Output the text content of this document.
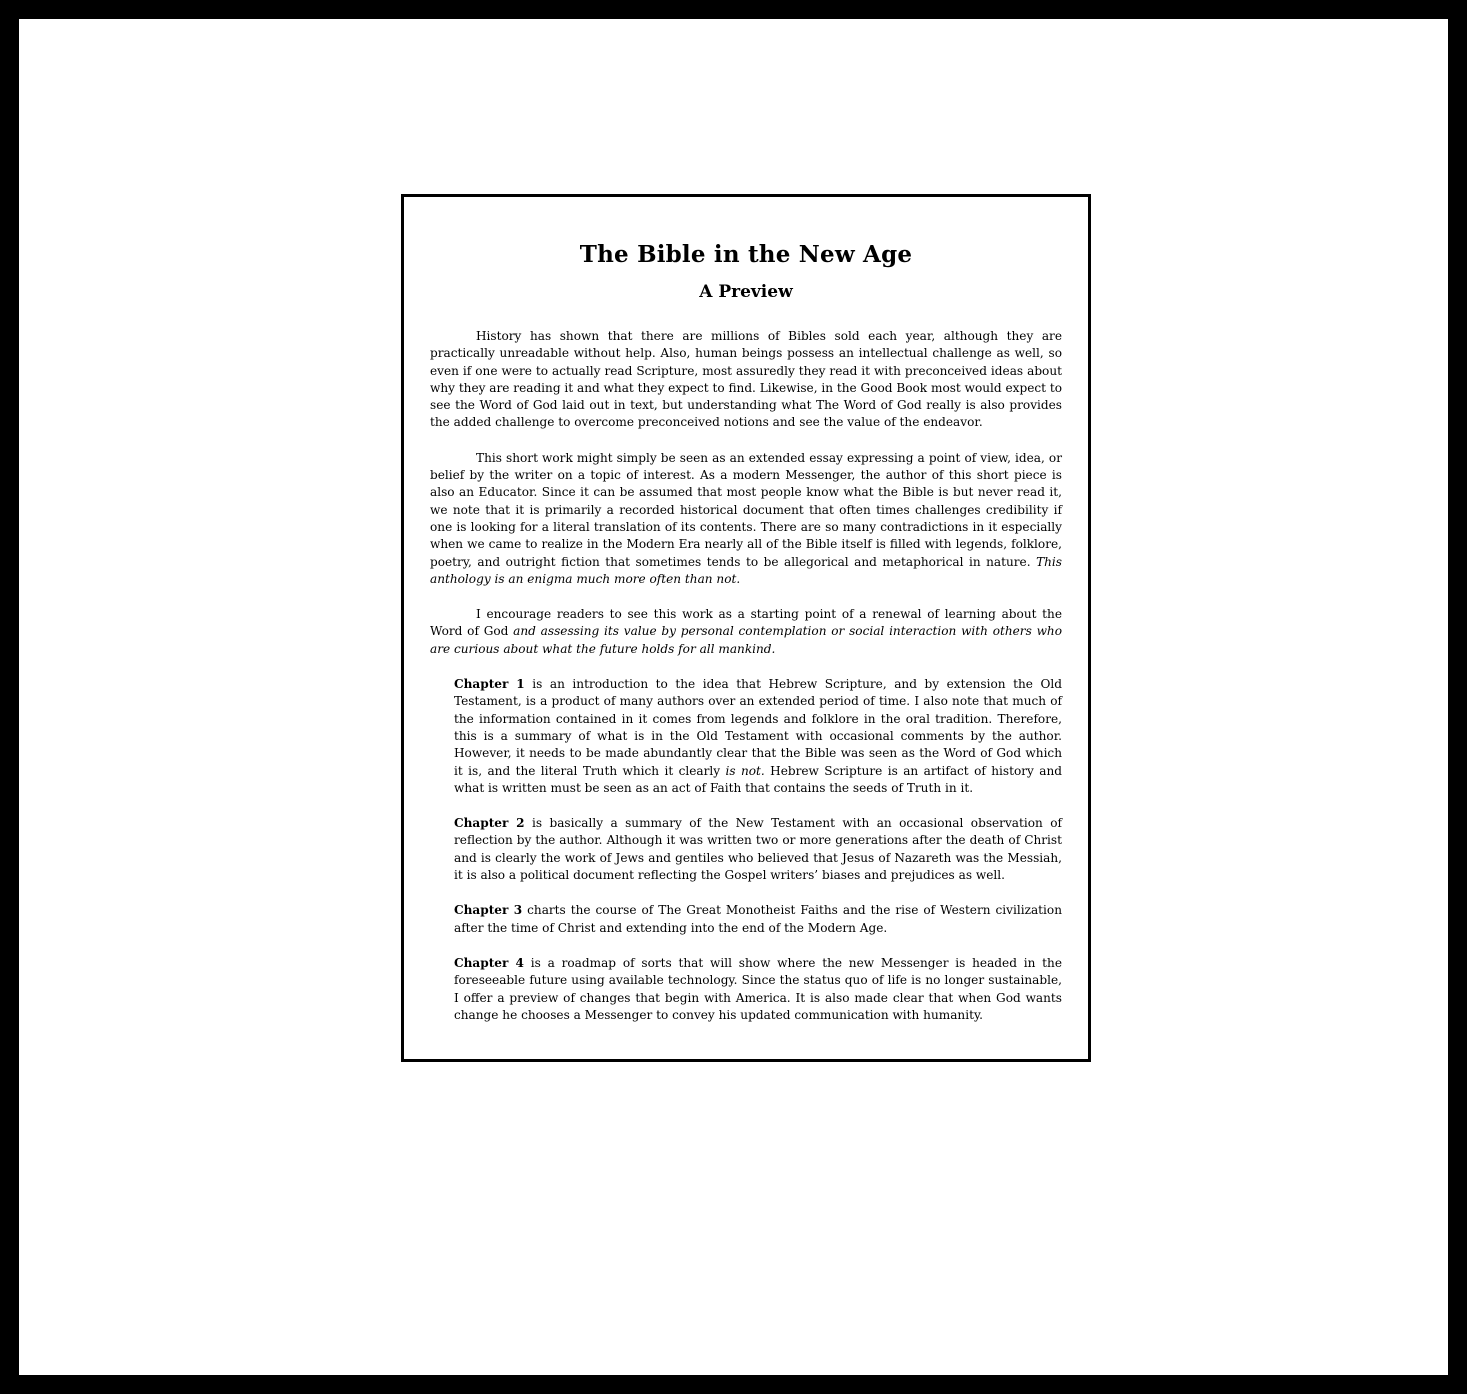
The Bible in the New Age
A Preview

History has shown that there are millions of Bibles sold each year, although they are practically unreadable without help. Also, human beings possess an intellectual challenge as well, so even if one were to actually read Scripture, most assuredly they read it with preconceived ideas about why they are reading it and what they expect to find. Likewise, in the Good Book most would expect to see the Word of God laid out in text, but understanding what The Word of God really is also provides the added challenge to overcome preconceived notions and see the value of the endeavor.

This short work might simply be seen as an extended essay expressing a point of view, idea, or belief by the writer on a topic of interest. As a modern Messenger, the author of this short piece is also an Educator. Since it can be assumed that most people know what the Bible is but never read it, we note that it is primarily a recorded historical document that often times challenges credibility if one is looking for a literal translation of its contents. There are so many contradictions in it especially when we came to realize in the Modern Era nearly all of the Bible itself is filled with legends, folklore, poetry, and outright fiction that sometimes tends to be allegorical and metaphorical in nature. This anthology is an enigma much more often than not.

I encourage readers to see this work as a starting point of a renewal of learning about the Word of God and assessing its value by personal contemplation or social interaction with others who are curious about what the future holds for all mankind.

Chapter 1 is an introduction to the idea that Hebrew Scripture, and by extension the Old Testament, is a product of many authors over an extended period of time. I also note that much of the information contained in it comes from legends and folklore in the oral tradition. Therefore, this is a summary of what is in the Old Testament with occasional comments by the author. However, it needs to be made abundantly clear that the Bible was seen as the Word of God which it is, and the literal Truth which it clearly is not. Hebrew Scripture is an artifact of history and what is written must be seen as an act of Faith that contains the seeds of Truth in it.

Chapter 2 is basically a summary of the New Testament with an occasional observation of reflection by the author. Although it was written two or more generations after the death of Christ and is clearly the work of Jews and gentiles who believed that Jesus of Nazareth was the Messiah, it is also a political document reflecting the Gospel writers’ biases and prejudices as well.

Chapter 3 charts the course of The Great Monotheist Faiths and the rise of Western civilization after the time of Christ and extending into the end of the Modern Age.

Chapter 4 is a roadmap of sorts that will show where the new Messenger is headed in the foreseeable future using available technology. Since the status quo of life is no longer sustainable, I offer a preview of changes that begin with America. It is also made clear that when God wants change he chooses a Messenger to convey his updated communication with humanity.
